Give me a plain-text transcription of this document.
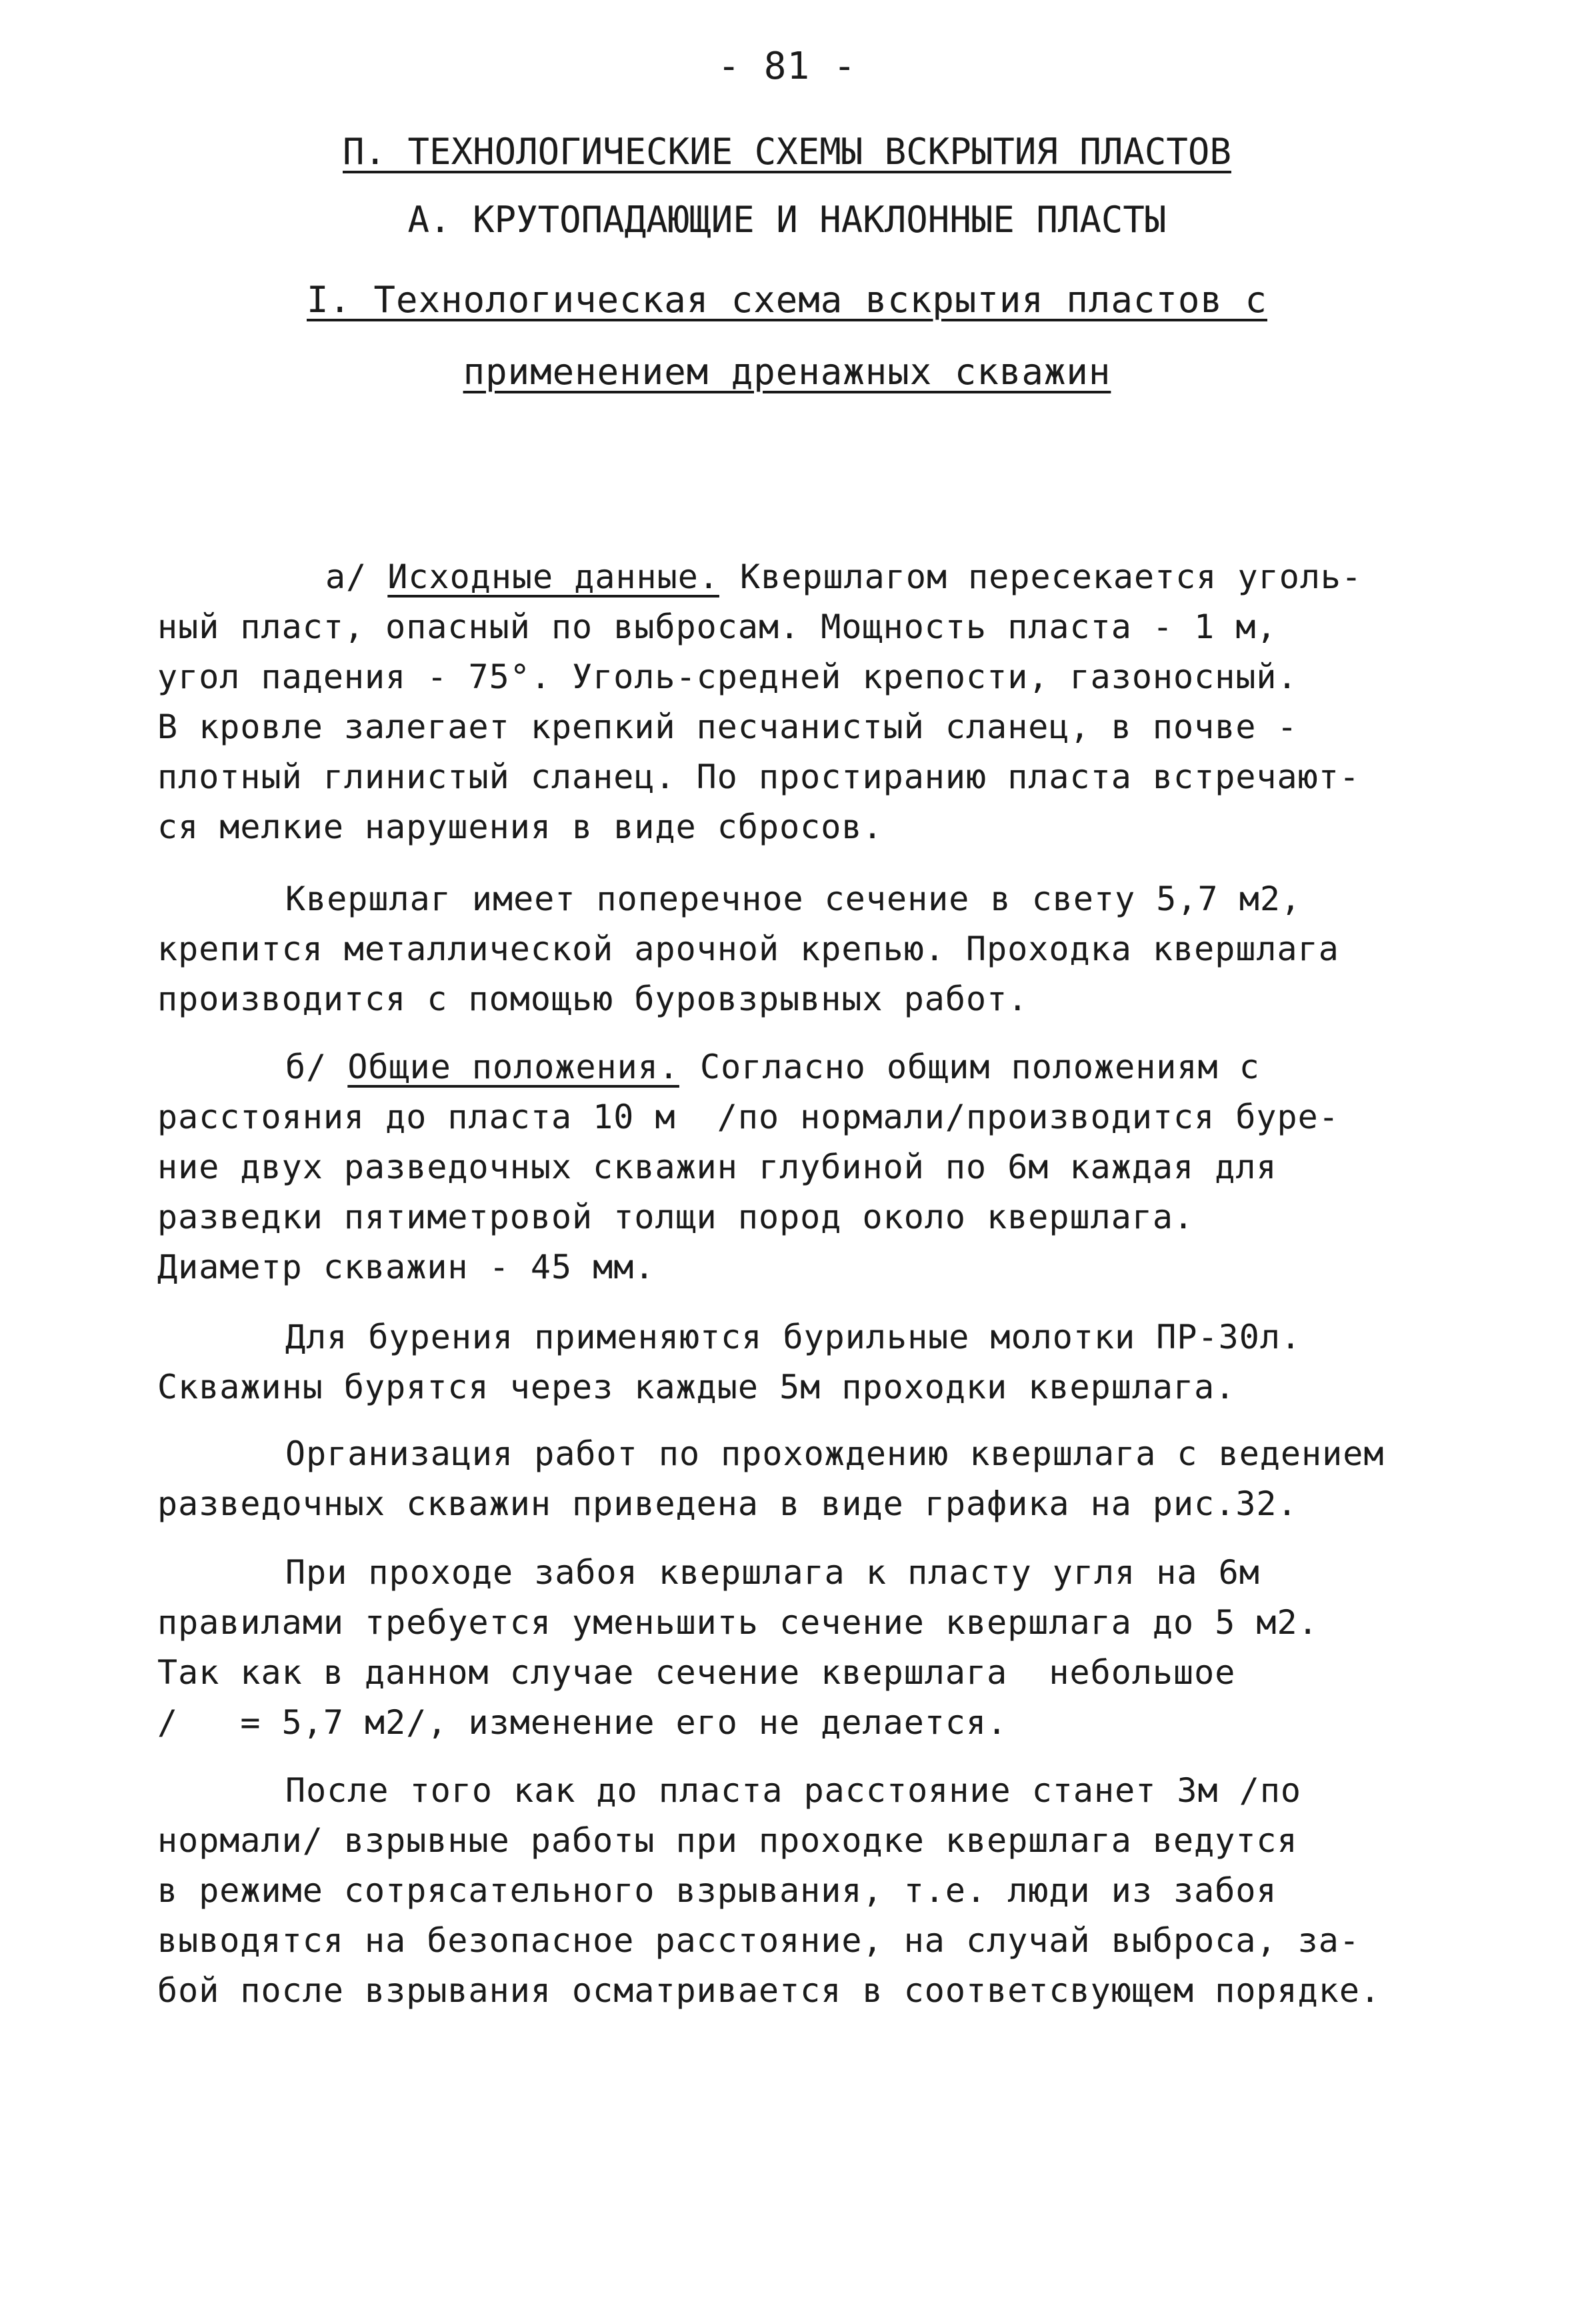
- 81 -
П. ТЕХНОЛОГИЧЕСКИЕ СХЕМЫ ВСКРЫТИЯ ПЛАСТОВ
А. КРУТОПАДАЮЩИЕ И НАКЛОННЫЕ ПЛАСТЫ
I. Технологическая схема вскрытия пластов с
применением дренажных скважин
а/ Исходные данные. Квершлагом пересекается уголь-
ный пласт, опасный по выбросам. Мощность пласта - 1 м,
угол падения - 75°. Уголь-средней крепости, газоносный.
В кровле залегает крепкий песчанистый сланец, в почве -
плотный глинистый сланец. По простиранию пласта встречают-
ся мелкие нарушения в виде сбросов.
Квершлаг имеет поперечное сечение в свету 5,7 м2,
крепится металлической арочной крепью. Проходка квершлага
производится с помощью буровзрывных работ.
б/ Общие положения. Согласно общим положениям с
расстояния до пласта 10 м  /по нормали/производится буре-
ние двух разведочных скважин глубиной по 6м каждая для
разведки пятиметровой толщи пород около квершлага.
Диаметр скважин - 45 мм.
Для бурения применяются бурильные молотки ПР-30л.
Скважины бурятся через каждые 5м проходки квершлага.
Организация работ по прохождению квершлага с ведением
разведочных скважин приведена в виде графика на рис.32.
При проходе забоя квершлага к пласту угля на 6м
правилами требуется уменьшить сечение квершлага до 5 м2.
Так как в данном случае сечение квершлага  небольшое
/   = 5,7 м2/, изменение его не делается.
После того как до пласта расстояние станет 3м /по
нормали/ взрывные работы при проходке квершлага ведутся
в режиме сотрясательного взрывания, т.е. люди из забоя
выводятся на безопасное расстояние, на случай выброса, за-
бой после взрывания осматривается в соответсвующем порядке.
